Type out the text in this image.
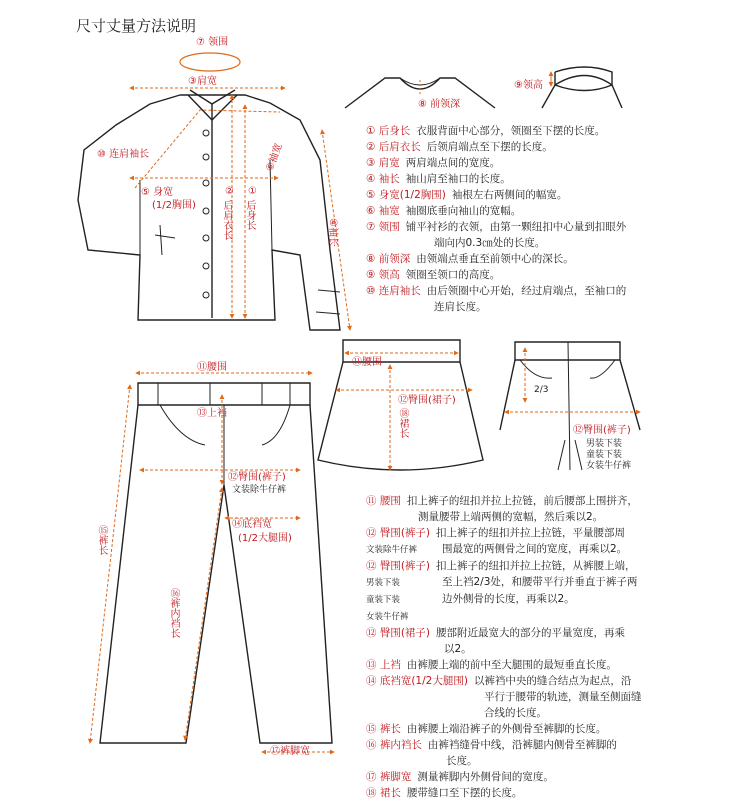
尺寸丈量方法说明
⑦ 领围
③肩宽
⑧ 前领深
⑨领高
⑩ 连肩袖长
⑤ 身宽
(1/2胸围)
② ①
⑥袖宽
④袖长
⑪腰围
⑬上裆
⑫臀围(裤子)
文装除牛仔裤
⑭底裆宽
(1/2大腿围)
⑰裤脚宽
⑪腰围
⑫臀围(裙子)
2/3
⑫臀围(裤子)
男装下装
童装下装
女装牛仔裤
后肩衣长 后身长
⑮裤长
⑯裤内裆长
⑱裙长
① 后身长 衣服背面中心部分，领圈至下摆的长度。
② 后肩衣长 后领肩端点至下摆的长度。
③ 肩宽 两肩端点间的宽度。
④ 袖长 袖山肩至袖口的长度。
⑤ 身宽(1/2胸围) 袖根左右两侧间的幅宽。
⑥ 袖宽 袖圈底垂向袖山的宽幅。
⑦ 领围 铺平衬衫的衣领，由第一颗纽扣中心量到扣眼外
端向内0.3㎝处的长度。
⑧ 前领深 由领端点垂直至前领中心的深长。
⑨ 领高 领圈至领口的高度。
⑩ 连肩袖长 由后领圈中心开始，经过肩端点，至袖口的
连肩长度。
⑪ 腰围 扣上裤子的纽扣并拉上拉链，前后腰部上围拼齐，
测量腰带上端两侧的宽幅，然后乘以2。
⑫ 臀围(裤子) 扣上裤子的纽扣并拉上拉链，平量腰部周
文装除牛仔裤 围最宽的两侧骨之间的宽度，再乘以2。
⑫ 臀围(裤子) 扣上裤子的纽扣并拉上拉链，从裤腰上端，
男装下装	至上裆2/3处，和腰带平行并垂直于裤子两
童装下装	边外侧骨的长度，再乘以2。
女装牛仔裤
⑫ 臀围(裙子) 腰部附近最宽大的部分的平量宽度，再乘
以2。
⑬ 上裆 由裤腰上端的前中至大腿围的最短垂直长度。
⑭ 底裆宽(1/2大腿围) 以裤裆中央的缝合结点为起点，沿
平行于腰带的轨迹，测量至侧面缝
合线的长度。
⑮ 裤长 由裤腰上端沿裤子的外侧骨至裤脚的长度。
⑯ 裤内裆长 由裤裆缝骨中线，沿裤腿内侧骨至裤脚的
长度。
⑰ 裤脚宽 测量裤脚内外侧骨间的宽度。
⑱ 裙长 腰带缝口至下摆的长度。
